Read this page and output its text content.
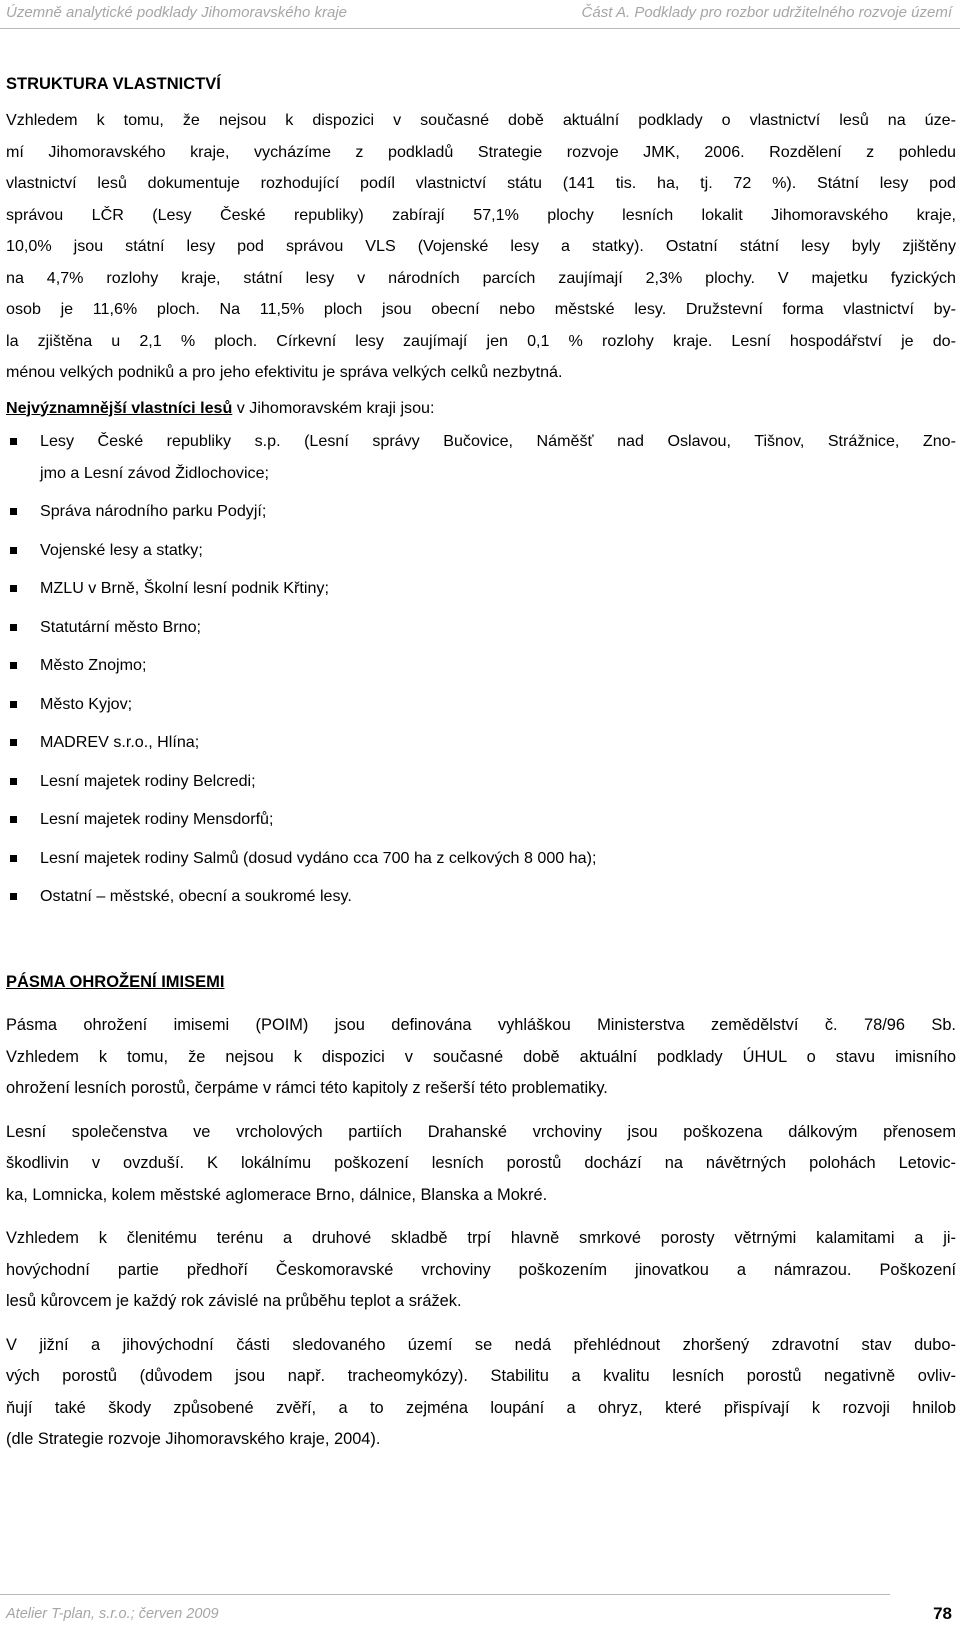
Územně analytické podklady Jihomoravského kraje	Část A. Podklady pro rozbor udržitelného rozvoje území
STRUKTURA VLASTNICTVÍ

Vzhledem k tomu, že nejsou k dispozici v současné době aktuální podklady o vlastnictví lesů na úze-
mí Jihomoravského kraje, vycházíme z podkladů Strategie rozvoje JMK, 2006. Rozdělení z pohledu
vlastnictví lesů dokumentuje rozhodující podíl vlastnictví státu (141 tis. ha, tj. 72 %). Státní lesy pod
správou LČR (Lesy České republiky) zabírají 57,1% plochy lesních lokalit Jihomoravského kraje,
10,0% jsou státní lesy pod správou VLS (Vojenské lesy a statky). Ostatní státní lesy byly zjištěny
na 4,7% rozlohy kraje, státní lesy v národních parcích zaujímají 2,3% plochy. V majetku fyzických
osob je 11,6% ploch. Na 11,5% ploch jsou obecní nebo městské lesy. Družstevní forma vlastnictví by-
la zjištěna u 2,1 % ploch. Církevní lesy zaujímají jen 0,1 % rozlohy kraje. Lesní hospodářství je do-
ménou velkých podniků a pro jeho efektivitu je správa velkých celků nezbytná.

Nejvýznamnější vlastníci lesů v Jihomoravském kraji jsou:

Lesy České republiky s.p. (Lesní správy Bučovice, Náměšť nad Oslavou, Tišnov, Strážnice, Zno-
jmo a Lesní závod Židlochovice;
Správa národního parku Podyjí;
Vojenské lesy a statky;
MZLU v Brně, Školní lesní podnik Křtiny;
Statutární město Brno;
Město Znojmo;
Město Kyjov;
MADREV s.r.o., Hlína;
Lesní majetek rodiny Belcredi;
Lesní majetek rodiny Mensdorfů;
Lesní majetek rodiny Salmů (dosud vydáno cca 700 ha z celkových 8 000 ha);
Ostatní – městské, obecní a soukromé lesy.
PÁSMA OHROŽENÍ IMISEMI

Pásma ohrožení imisemi (POIM) jsou definována vyhláškou Ministerstva zemědělství č. 78/96 Sb.
Vzhledem k tomu, že nejsou k dispozici v současné době aktuální podklady ÚHUL o stavu imisního
ohrožení lesních porostů, čerpáme v rámci této kapitoly z rešerší této problematiky.

Lesní společenstva ve vrcholových partiích Drahanské vrchoviny jsou poškozena dálkovým přenosem
škodlivin v ovzduší. K lokálnímu poškození lesních porostů dochází na návětrných polohách Letovic-
ka, Lomnicka, kolem městské aglomerace Brno, dálnice, Blanska a Mokré.

Vzhledem k členitému terénu a druhové skladbě trpí hlavně smrkové porosty větrnými kalamitami a ji-
hovýchodní partie předhoří Českomoravské vrchoviny poškozením jinovatkou a námrazou. Poškození
lesů kůrovcem je každý rok závislé na průběhu teplot a srážek.

V jižní a jihovýchodní části sledovaného území se nedá přehlédnout zhoršený zdravotní stav dubo-
vých porostů (důvodem jsou např. tracheomykózy). Stabilitu a kvalitu lesních porostů negativně ovliv-
ňují také škody způsobené zvěří, a to zejména loupání a ohryz, které přispívají k rozvoji hnilob
(dle Strategie rozvoje Jihomoravského kraje, 2004).

Atelier T-plan, s.r.o.; červen 2009	78
